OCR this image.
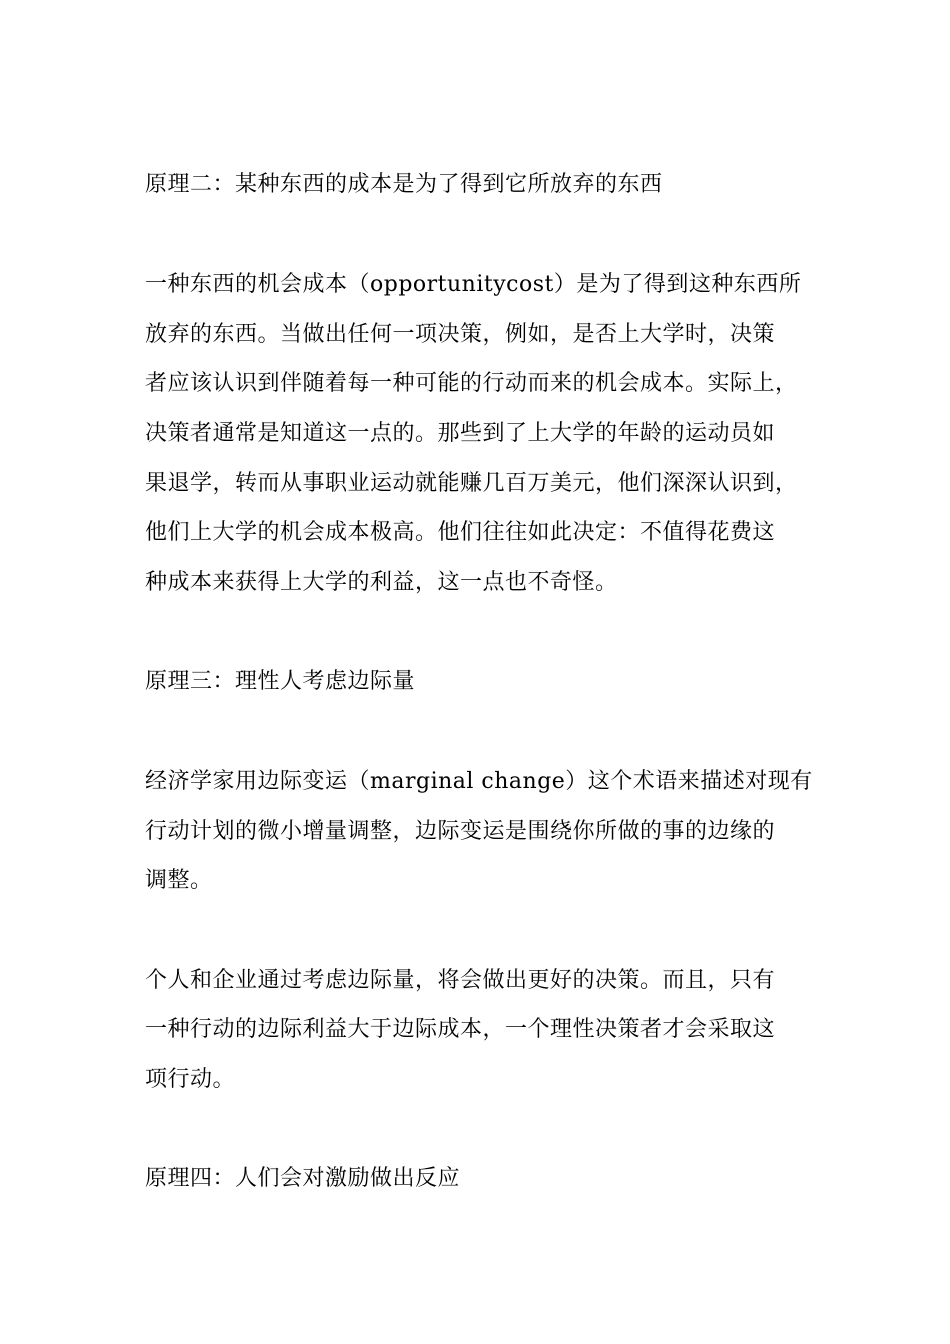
原理二：某种东西的成本是为了得到它所放弃的东西

一种东西的机会成本（opportunitycost）是为了得到这种东西所

放弃的东西。当做出任何一项决策，例如，是否上大学时，决策

者应该认识到伴随着每一种可能的行动而来的机会成本。实际上，

决策者通常是知道这一点的。那些到了上大学的年龄的运动员如

果退学，转而从事职业运动就能赚几百万美元，他们深深认识到，

他们上大学的机会成本极高。他们往往如此决定：不值得花费这

种成本来获得上大学的利益，这一点也不奇怪。

原理三：理性人考虑边际量

经济学家用边际变运（marginal change）这个术语来描述对现有

行动计划的微小增量调整，边际变运是围绕你所做的事的边缘的

调整。

个人和企业通过考虑边际量，将会做出更好的决策。而且，只有

一种行动的边际利益大于边际成本，一个理性决策者才会采取这

项行动。

原理四：人们会对激励做出反应
